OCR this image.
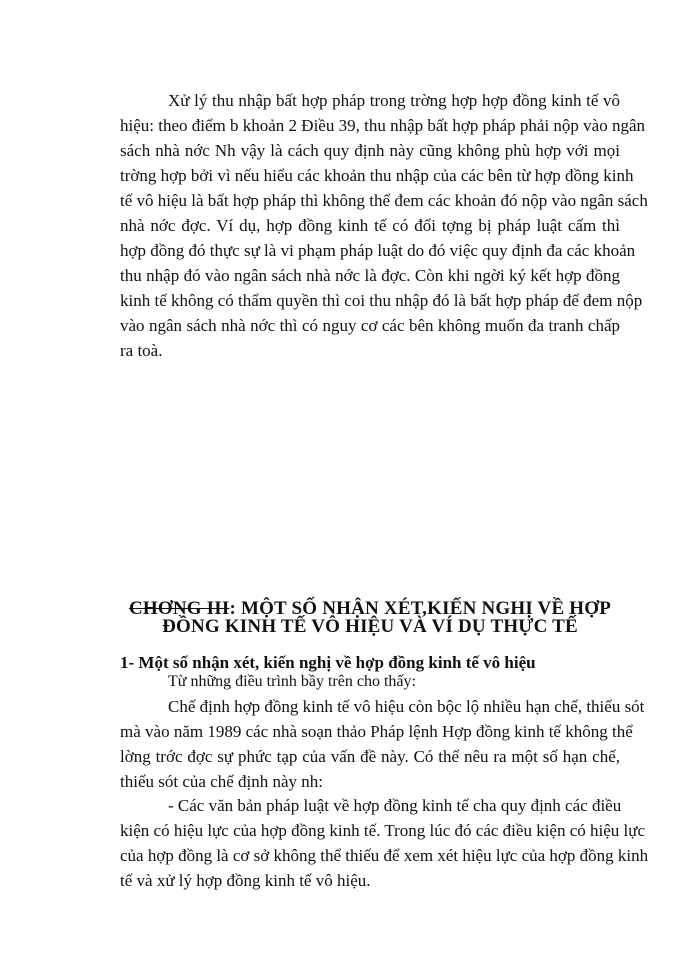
Xử lý thu nhập bất hợp pháp trong trờng hợp hợp đồng kinh tế vô
hiệu: theo điểm b khoản 2 Điều 39, thu nhập bất hợp pháp phải nộp vào ngân
sách nhà nớc Nh vậy là cách quy định này cũng không phù hợp với mọi
trờng hợp bởi vì nếu hiểu các khoản thu nhập của các bên từ hợp đồng kinh
tế vô hiệu là bất hợp pháp thì không thể đem các khoản đó nộp vào ngân sách
nhà nớc đợc. Ví dụ, hợp đồng kinh tế có đối tợng bị pháp luật cấm thì
hợp đồng đó thực sự là vi phạm pháp luật do đó việc quy định đa các khoản
thu nhập đó vào ngân sách nhà nớc là đợc. Còn khi ngời ký kết hợp đồng
kinh tế không có thẩm quyền thì coi thu nhập đó là bất hợp pháp để đem nộp
vào ngân sách nhà nớc thì có nguy cơ các bên không muốn đa tranh chấp
ra toà.
CHƠNG III: MỘT SỐ NHẬN XÉT,KIẾN NGHỊ VỀ HỢP
ĐỒNG KINH TẾ VÔ HIỆU VÀ VÍ DỤ THỰC TẾ
1- Một số nhận xét, kiến nghị về hợp đồng kinh tế vô hiệu
Từ những điều trình bầy trên cho thấy:
Chế định hợp đồng kinh tế vô hiệu còn bộc lộ nhiều hạn chế, thiếu sót
mà vào năm 1989 các nhà soạn thảo Pháp lệnh Hợp đồng kinh tế không thể
lờng trớc đợc sự phức tạp của vấn đề này. Có thể nêu ra một số hạn chế,
thiếu sót của chế định này nh:
- Các văn bản pháp luật về hợp đồng kinh tế cha quy định các điều
kiện có hiệu lực của hợp đồng kinh tế. Trong lúc đó các điều kiện có hiệu lực
của hợp đồng là cơ sở không thể thiếu để xem xét hiệu lực của hợp đồng kinh
tế và xử lý hợp đồng kinh tế vô hiệu.
